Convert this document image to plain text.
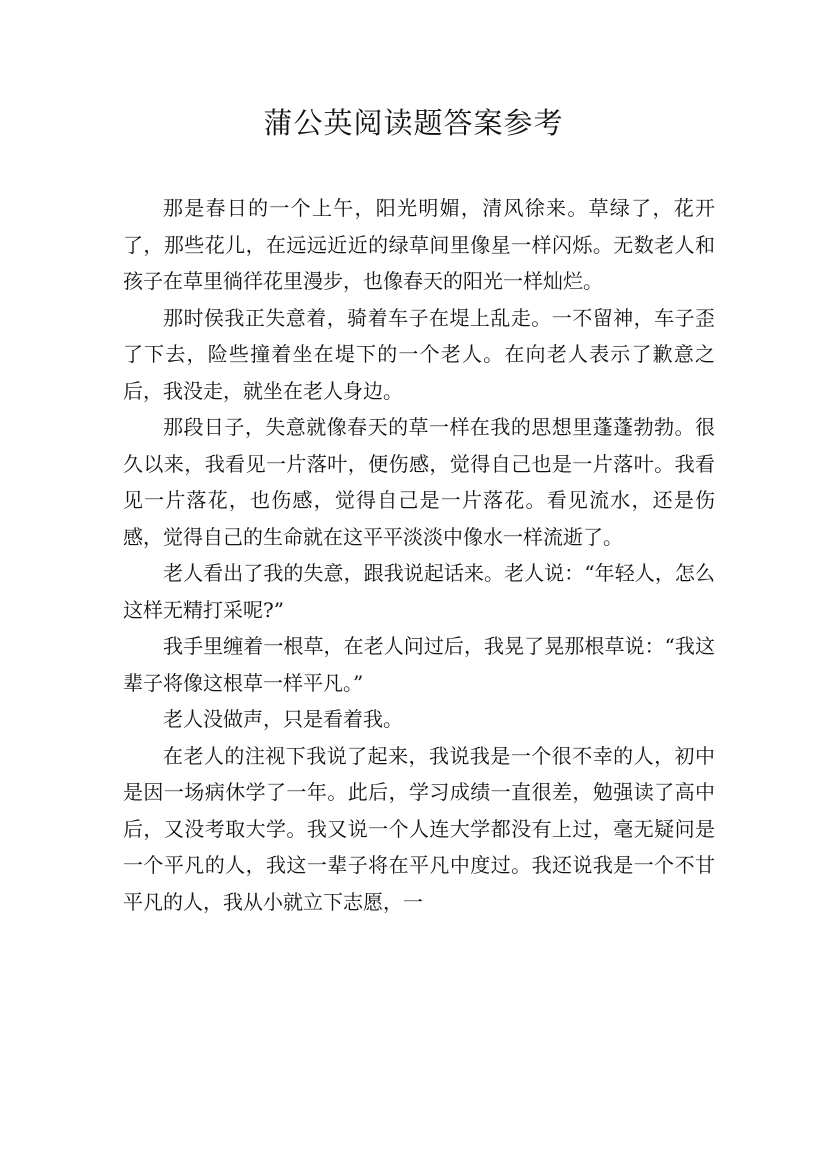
蒲公英阅读题答案参考

那是春日的一个上午，阳光明媚，清风徐来。草绿了，花开了，那些花儿，在远远近近的绿草间里像星一样闪烁。无数老人和孩子在草里徜徉花里漫步，也像春天的阳光一样灿烂。

那时侯我正失意着，骑着车子在堤上乱走。一不留神，车子歪了下去，险些撞着坐在堤下的一个老人。在向老人表示了歉意之后，我没走，就坐在老人身边。

那段日子，失意就像春天的草一样在我的思想里蓬蓬勃勃。很久以来，我看见一片落叶，便伤感，觉得自己也是一片落叶。我看见一片落花，也伤感，觉得自己是一片落花。看见流水，还是伤感，觉得自己的生命就在这平平淡淡中像水一样流逝了。

老人看出了我的失意，跟我说起话来。老人说：“年轻人，怎么这样无精打采呢?”

我手里缠着一根草，在老人问过后，我晃了晃那根草说：“我这辈子将像这根草一样平凡。”

老人没做声，只是看着我。

在老人的注视下我说了起来，我说我是一个很不幸的人，初中是因一场病休学了一年。此后，学习成绩一直很差，勉强读了高中后，又没考取大学。我又说一个人连大学都没有上过，毫无疑问是一个平凡的人，我这一辈子将在平凡中度过。我还说我是一个不甘平凡的人，我从小就立下志愿，一
